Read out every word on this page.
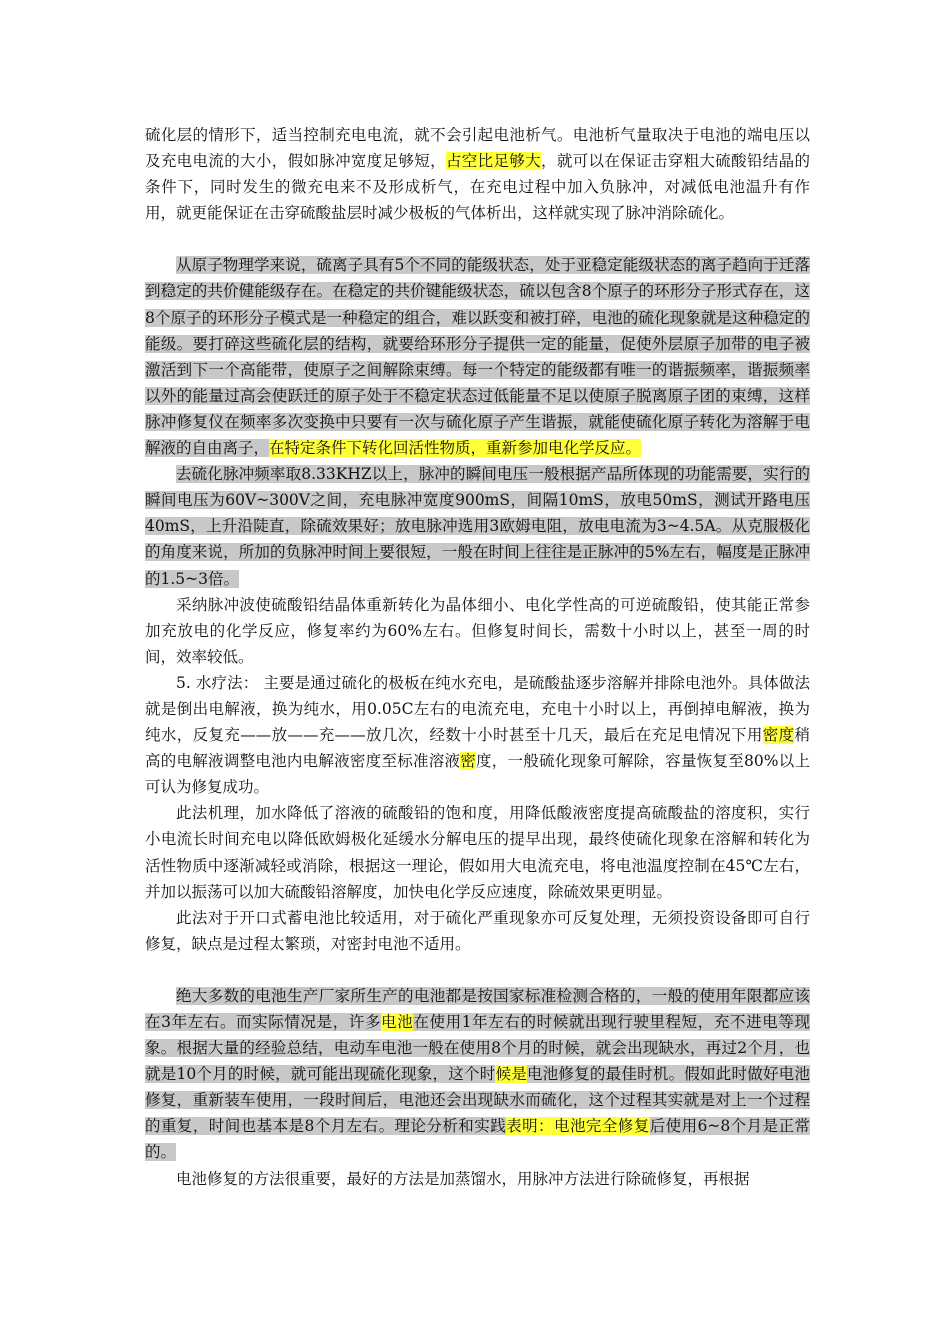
硫化层的情形下，适当控制充电电流，就不会引起电池析气。电池析气量取决于电池的端电压以及充电电流的大小，假如脉冲宽度足够短，占空比足够大，就可以在保证击穿粗大硫酸铅结晶的条件下，同时发生的微充电来不及形成析气，在充电过程中加入负脉冲，对减低电池温升有作用，就更能保证在击穿硫酸盐层时减少极板的气体析出，这样就实现了脉冲消除硫化。

从原子物理学来说，硫离子具有5个不同的能级状态，处于亚稳定能级状态的离子趋向于迁落到稳定的共价健能级存在。在稳定的共价键能级状态，硫以包含8个原子的环形分子形式存在，这8个原子的环形分子模式是一种稳定的组合，难以跃变和被打碎，电池的硫化现象就是这种稳定的能级。要打碎这些硫化层的结构，就要给环形分子提供一定的能量，促使外层原子加带的电子被激活到下一个高能带，使原子之间解除束缚。每一个特定的能级都有唯一的谐振频率，谐振频率以外的能量过高会使跃迁的原子处于不稳定状态过低能量不足以使原子脱离原子团的束缚，这样脉冲修复仪在频率多次变换中只要有一次与硫化原子产生谐振，就能使硫化原子转化为溶解于电解液的自由离子，在特定条件下转化回活性物质，重新参加电化学反应。

去硫化脉冲频率取8.33KHZ以上，脉冲的瞬间电压一般根据产品所体现的功能需要，实行的瞬间电压为60V~300V之间，充电脉冲宽度900mS，间隔10mS，放电50mS，测试开路电压40mS，上升沿陡直，除硫效果好；放电脉冲选用3欧姆电阻，放电电流为3~4.5A。从克服极化的角度来说，所加的负脉冲时间上要很短，一般在时间上往往是正脉冲的5%左右，幅度是正脉冲的1.5~3倍。

采纳脉冲波使硫酸铅结晶体重新转化为晶体细小、电化学性高的可逆硫酸铅，使其能正常参加充放电的化学反应，修复率约为60%左右。但修复时间长，需数十小时以上，甚至一周的时间，效率较低。

5. 水疗法： 主要是通过硫化的极板在纯水充电，是硫酸盐逐步溶解并排除电池外。具体做法就是倒出电解液，换为纯水，用0.05C左右的电流充电，充电十小时以上，再倒掉电解液，换为纯水，反复充——放——充——放几次，经数十小时甚至十几天，最后在充足电情况下用密度稍高的电解液调整电池内电解液密度至标准溶液密度，一般硫化现象可解除，容量恢复至80%以上可认为修复成功。

此法机理，加水降低了溶液的硫酸铅的饱和度，用降低酸液密度提高硫酸盐的溶度积，实行小电流长时间充电以降低欧姆极化延缓水分解电压的提早出现，最终使硫化现象在溶解和转化为活性物质中逐渐减轻或消除，根据这一理论，假如用大电流充电，将电池温度控制在45℃左右，并加以振荡可以加大硫酸铅溶解度，加快电化学反应速度，除硫效果更明显。

此法对于开口式蓄电池比较适用，对于硫化严重现象亦可反复处理，无须投资设备即可自行修复，缺点是过程太繁琐，对密封电池不适用。

绝大多数的电池生产厂家所生产的电池都是按国家标准检测合格的，一般的使用年限都应该在3年左右。而实际情况是，许多电池在使用1年左右的时候就出现行驶里程短，充不进电等现象。根据大量的经验总结，电动车电池一般在使用8个月的时候，就会出现缺水，再过2个月，也就是10个月的时候，就可能出现硫化现象，这个时候是电池修复的最佳时机。假如此时做好电池修复，重新装车使用，一段时间后，电池还会出现缺水而硫化，这个过程其实就是对上一个过程的重复，时间也基本是8个月左右。理论分析和实践表明：电池完全修复后使用6~8个月是正常的。

电池修复的方法很重要，最好的方法是加蒸馏水，用脉冲方法进行除硫修复，再根据
